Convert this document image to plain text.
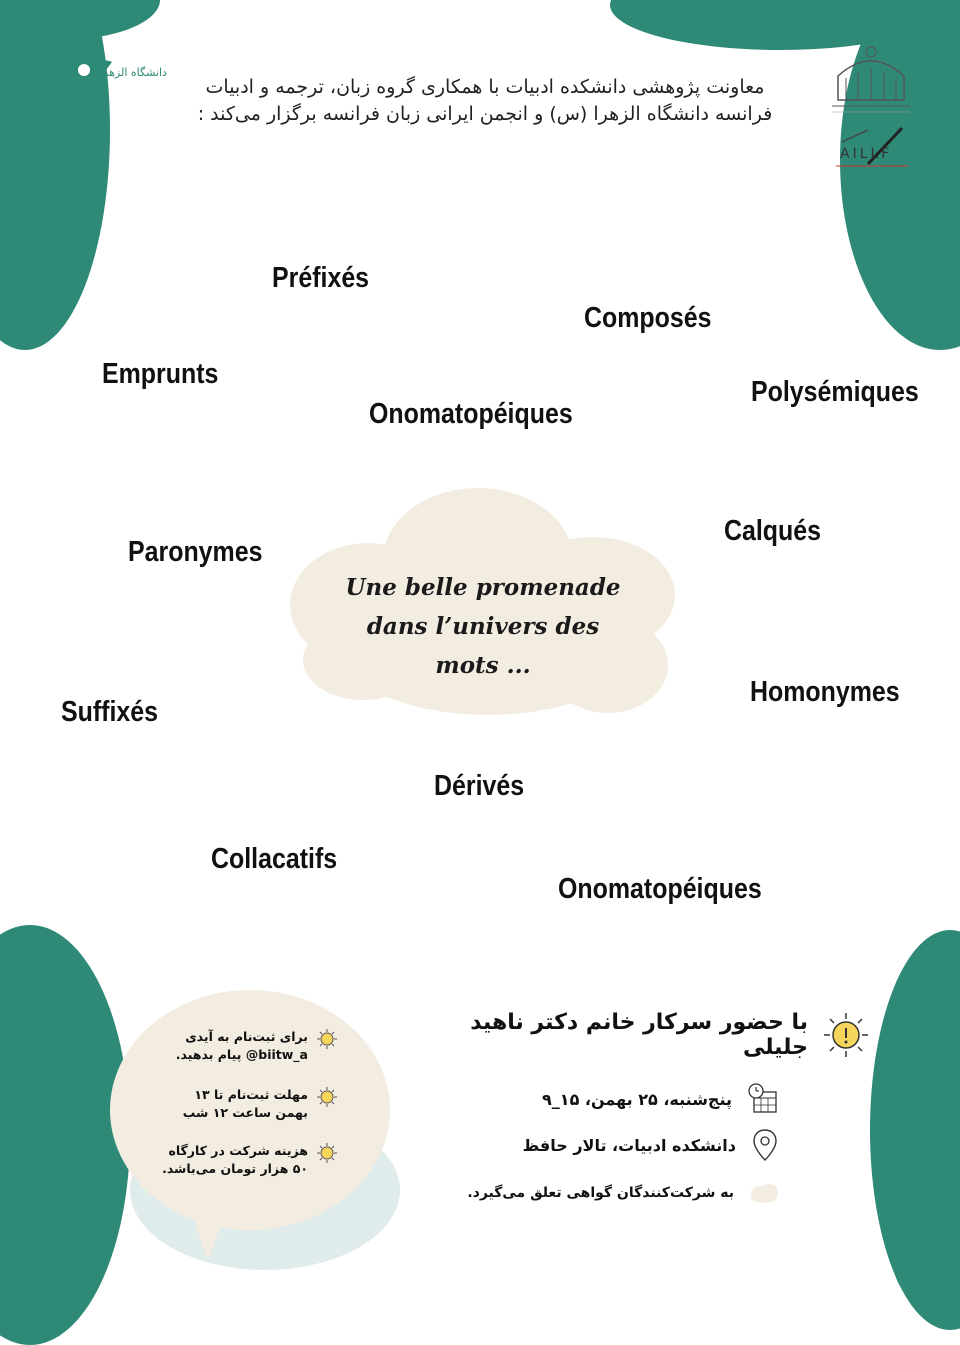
دانشگاه الزهرا
AILLF
معاونت پژوهشی دانشکده ادبیات با همکاری گروه زبان، ترجمه و ادبیات فرانسه دانشگاه الزهرا (س) و انجمن ایرانی زبان فرانسه برگزار می‌کند :
Une belle promenade
dans l’univers des
mots ...
Préfixés
Composés
Emprunts
Polysémiques
Onomatopéiques
Paronymes
Calqués
Suffixés
Homonymes
Dérivés
Collacatifs
Onomatopéiques
با حضور سرکار خانم دکتر ناهید جلیلی
پنج‌شنبه، ۲۵ بهمن، ۱۵_۹
دانشکده ادبیات، تالار حافظ
به شرکت‌کنندگان گواهی تعلق می‌گیرد.
برای ثبت‌نام به آیدی biitw_a@ پیام بدهید.
مهلت ثبت‌نام تا ۱۳ بهمن ساعت ۱۲ شب
هزینه شرکت در کارگاه ۵۰ هزار تومان می‌باشد.
